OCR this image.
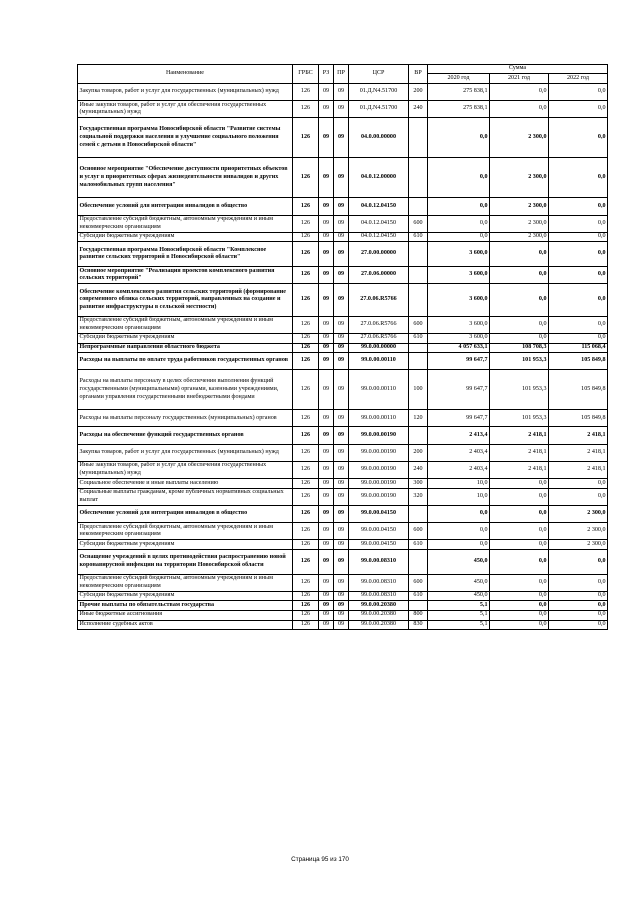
Наименование	ГРБС	РЗ	ПР	ЦСР	ВР	Сумма		
						2020 год	2021 год	2022 год
Закупка товаров, работ и услуг для государственных (муниципальных) нужд	126	09	09	01.Д.N4.51700	200	275 838,1	0,0	0,0
Иные закупки товаров, работ и услуг для обеспечения государственных (муниципальных) нужд	126	09	09	01.Д.N4.51700	240	275 838,1	0,0	0,0
Государственная программа Новосибирской области "Развитие системы социальной поддержки населения и улучшение социального положения семей с детьми в Новосибирской области"	126	09	09	04.0.00.00000		0,0	2 300,0	0,0
Основное мероприятие "Обеспечение доступности приоритетных объектов и услуг в приоритетных сферах жизнедеятельности инвалидов и других маломобильных групп населения"	126	09	09	04.0.12.00000		0,0	2 300,0	0,0
Обеспечение условий для интеграции инвалидов в общество	126	09	09	04.0.12.04150		0,0	2 300,0	0,0
Предоставление субсидий бюджетным, автономным учреждениям и иным некоммерческим организациям	126	09	09	04.0.12.04150	600	0,0	2 300,0	0,0
Субсидии бюджетным учреждениям	126	09	09	04.0.12.04150	610	0,0	2 300,0	0,0
Государственная программа Новосибирской области "Комплексное развитие сельских территорий в Новосибирской области"	126	09	09	27.0.00.00000		3 600,0	0,0	0,0
Основное мероприятие "Реализация проектов комплексного развития сельских территорий"	126	09	09	27.0.06.00000		3 600,0	0,0	0,0
Обеспечение комплексного развития сельских территорий (формирование современного облика сельских территорий, направленных на создание и развитие инфраструктуры в сельской местности)	126	09	09	27.0.06.R5766		3 600,0	0,0	0,0
Предоставление субсидий бюджетным, автономным учреждениям и иным некоммерческим организациям	126	09	09	27.0.06.R5766	600	3 600,0	0,0	0,0
Субсидии бюджетным учреждениям	126	09	09	27.0.06.R5766	610	3 600,0	0,0	0,0
Непрограммные направления областного бюджета	126	09	09	99.0.00.00000		4 057 633,1	108 708,3	115 068,4
Расходы на выплаты по оплате труда работников государственных органов	126	09	09	99.0.00.00110		99 647,7	101 953,3	105 849,8
Расходы на выплаты персоналу в целях обеспечения выполнения функций государственными (муниципальными) органами, казенными учреждениями, органами управления государственными внебюджетными фондами	126	09	09	99.0.00.00110	100	99 647,7	101 953,3	105 849,8
Расходы на выплаты персоналу государственных (муниципальных) органов	126	09	09	99.0.00.00110	120	99 647,7	101 953,3	105 849,8
Расходы на обеспечение функций государственных органов	126	09	09	99.0.00.00190		2 413,4	2 418,1	2 418,1
Закупка товаров, работ и услуг для государственных (муниципальных) нужд	126	09	09	99.0.00.00190	200	2 403,4	2 418,1	2 418,1
Иные закупки товаров, работ и услуг для обеспечения государственных (муниципальных) нужд	126	09	09	99.0.00.00190	240	2 403,4	2 418,1	2 418,1
Социальное обеспечение и иные выплаты населению	126	09	09	99.0.00.00190	300	10,0	0,0	0,0
Социальные выплаты гражданам, кроме публичных нормативных социальных выплат	126	09	09	99.0.00.00190	320	10,0	0,0	0,0
Обеспечение условий для интеграции инвалидов в общество	126	09	09	99.0.00.04150		0,0	0,0	2 300,0
Предоставление субсидий бюджетным, автономным учреждениям и иным некоммерческим организациям	126	09	09	99.0.00.04150	600	0,0	0,0	2 300,0
Субсидии бюджетным учреждениям	126	09	09	99.0.00.04150	610	0,0	0,0	2 300,0
Оснащение учреждений в целях противодействия распространению новой коронавирусной инфекции на территории Новосибирской области	126	09	09	99.0.00.08310		450,0	0,0	0,0
Предоставление субсидий бюджетным, автономным учреждениям и иным некоммерческим организациям	126	09	09	99.0.00.08310	600	450,0	0,0	0,0
Субсидии бюджетным учреждениям	126	09	09	99.0.00.08310	610	450,0	0,0	0,0
Прочие выплаты по обязательствам государства	126	09	09	99.0.00.20380		5,1	0,0	0,0
Иные бюджетные ассигнования	126	09	09	99.0.00.20380	800	5,1	0,0	0,0
Исполнение судебных актов	126	09	09	99.0.00.20380	830	5,1	0,0	0,0
Страница 95 из 170
